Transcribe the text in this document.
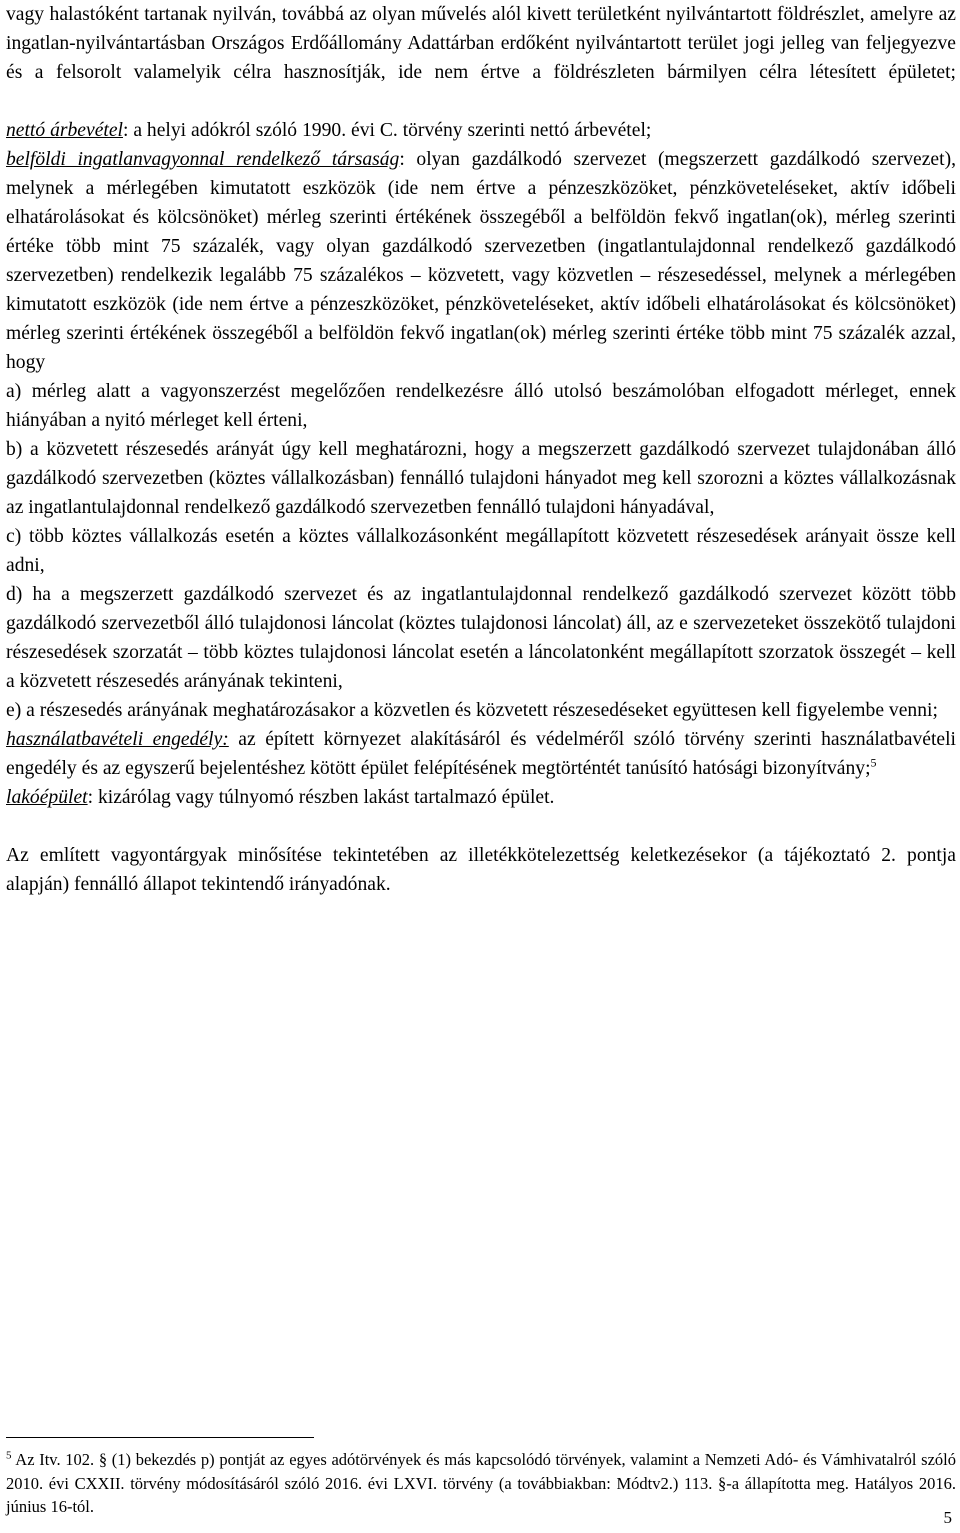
vagy halastóként tartanak nyilván, továbbá az olyan művelés alól kivett területként nyilvántartott földrészlet, amelyre az ingatlan-nyilvántartásban Országos Erdőállomány Adattárban erdőként nyilvántartott terület jogi jelleg van feljegyezve és a felsorolt valamelyik célra hasznosítják, ide nem értve a földrészleten bármilyen célra létesített épületet;

nettó árbevétel: a helyi adókról szóló 1990. évi C. törvény szerinti nettó árbevétel;

belföldi ingatlanvagyonnal rendelkező társaság: olyan gazdálkodó szervezet (megszerzett gazdálkodó szervezet), melynek a mérlegében kimutatott eszközök (ide nem értve a pénzeszközöket, pénzköveteléseket, aktív időbeli elhatárolásokat és kölcsönöket) mérleg szerinti értékének összegéből a belföldön fekvő ingatlan(ok), mérleg szerinti értéke több mint 75 százalék, vagy olyan gazdálkodó szervezetben (ingatlantulajdonnal rendelkező gazdálkodó szervezetben) rendelkezik legalább 75 százalékos – közvetett, vagy közvetlen – részesedéssel, melynek a mérlegében kimutatott eszközök (ide nem értve a pénzeszközöket, pénzköveteléseket, aktív időbeli elhatárolásokat és kölcsönöket) mérleg szerinti értékének összegéből a belföldön fekvő ingatlan(ok) mérleg szerinti értéke több mint 75 százalék azzal, hogy

a) mérleg alatt a vagyonszerzést megelőzően rendelkezésre álló utolsó beszámolóban elfogadott mérleget, ennek hiányában a nyitó mérleget kell érteni,

b) a közvetett részesedés arányát úgy kell meghatározni, hogy a megszerzett gazdálkodó szervezet tulajdonában álló gazdálkodó szervezetben (köztes vállalkozásban) fennálló tulajdoni hányadot meg kell szorozni a köztes vállalkozásnak az ingatlantulajdonnal rendelkező gazdálkodó szervezetben fennálló tulajdoni hányadával,

c) több köztes vállalkozás esetén a köztes vállalkozásonként megállapított közvetett részesedések arányait össze kell adni,

d) ha a megszerzett gazdálkodó szervezet és az ingatlantulajdonnal rendelkező gazdálkodó szervezet között több gazdálkodó szervezetből álló tulajdonosi láncolat (köztes tulajdonosi láncolat) áll, az e szervezeteket összekötő tulajdoni részesedések szorzatát – több köztes tulajdonosi láncolat esetén a láncolatonként megállapított szorzatok összegét – kell a közvetett részesedés arányának tekinteni,

e) a részesedés arányának meghatározásakor a közvetlen és közvetett részesedéseket együttesen kell figyelembe venni;

használatbavételi engedély: az épített környezet alakításáról és védelméről szóló törvény szerinti használatbavételi engedély és az egyszerű bejelentéshez kötött épület felépítésének megtörténtét tanúsító hatósági bizonyítvány;$^5$

lakóépület: kizárólag vagy túlnyomó részben lakást tartalmazó épület.

Az említett vagyontárgyak minősítése tekintetében az illetékkötelezettség keletkezésekor (a tájékoztató 2. pontja alapján) fennálló állapot tekintendő irányadónak.

$^5$ Az Itv. 102. § (1) bekezdés p) pontját az egyes adótörvények és más kapcsolódó törvények, valamint a Nemzeti Adó- és Vámhivatalról szóló 2010. évi CXXII. törvény módosításáról szóló 2016. évi LXVI. törvény (a továbbiakban: Módtv2.) 113. §-a állapította meg. Hatályos 2016. június 16-tól.
5
